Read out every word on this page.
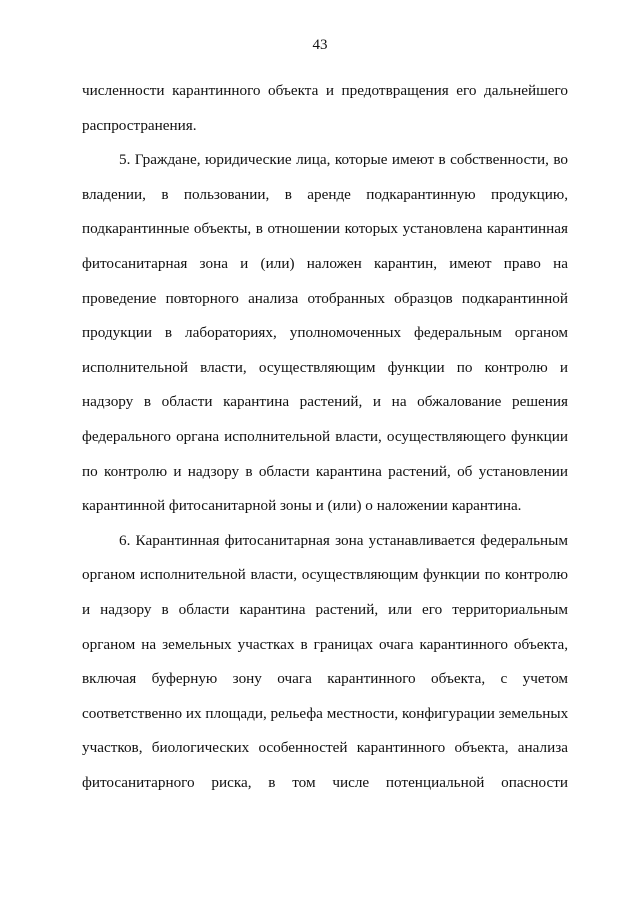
43
численности карантинного объекта и предотвращения его дальнейшего
распространения.
5. Граждане, юридические лица, которые имеют в собственности, во
владении, в пользовании, в аренде подкарантинную продукцию,
подкарантинные объекты, в отношении которых установлена карантинная
фитосанитарная зона и (или) наложен карантин, имеют право на
проведение повторного анализа отобранных образцов подкарантинной
продукции в лабораториях, уполномоченных федеральным органом
исполнительной власти, осуществляющим функции по контролю и
надзору в области карантина растений, и на обжалование решения
федерального органа исполнительной власти, осуществляющего функции
по контролю и надзору в области карантина растений, об установлении
карантинной фитосанитарной зоны и (или) о наложении карантина.
6. Карантинная фитосанитарная зона устанавливается федеральным
органом исполнительной власти, осуществляющим функции по контролю
и надзору в области карантина растений, или его территориальным
органом на земельных участках в границах очага карантинного объекта,
включая буферную зону очага карантинного объекта, с учетом
соответственно их площади, рельефа местности, конфигурации земельных
участков, биологических особенностей карантинного объекта, анализа
фитосанитарного риска, в том числе потенциальной опасности
